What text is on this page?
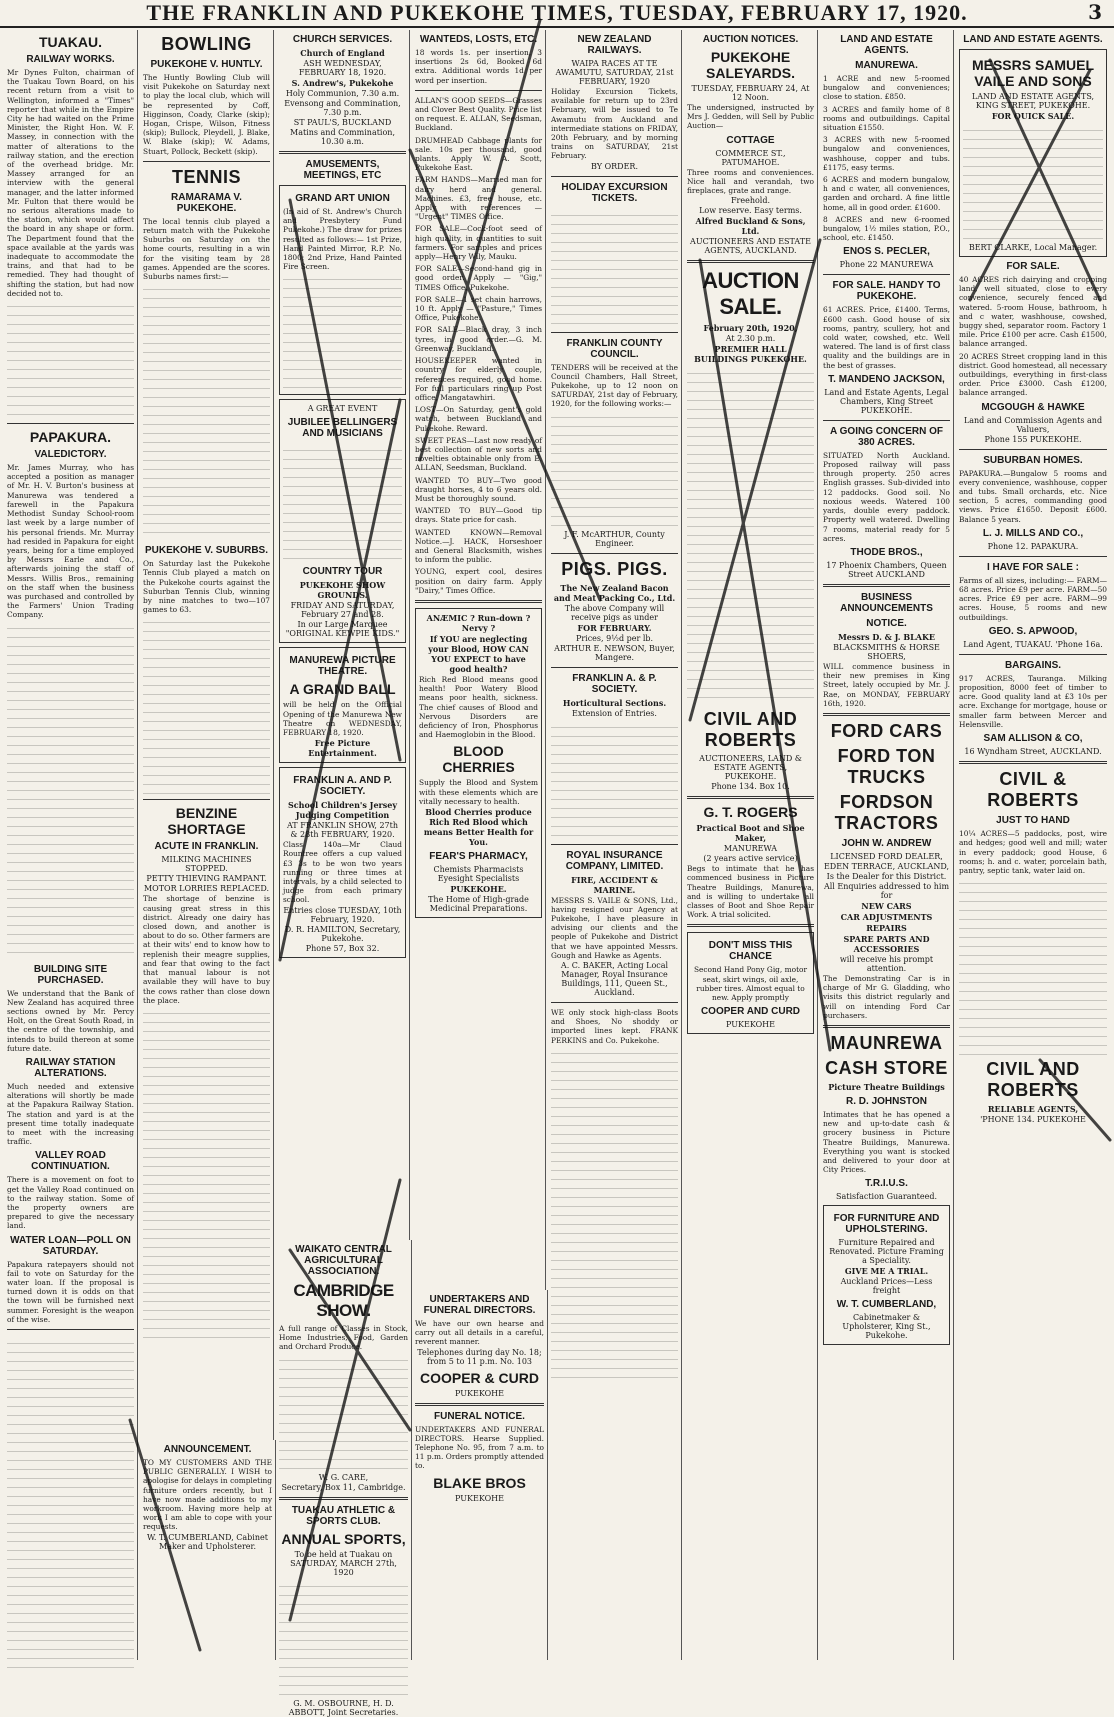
THE FRANKLIN AND PUKEKOHE TIMES, TUESDAY, FEBRUARY 17, 1920.	3
TUAKAU.
RAILWAY WORKS.
Mr Dynes Fulton, chairman of the Tuakau Town Board, on his recent return from a visit to Wellington, informed a "Times" reporter that while in the Empire City he had waited on the Prime Minister, the Right Hon. W. F. Massey, in connection with the matter of alterations to the railway station, and the erection of the overhead bridge. Mr. Massey arranged for an interview with the general manager, and the latter informed Mr. Fulton that there would be no serious alterations made to the station, which would affect the board in any shape or form. The Department found that the space available at the yards was inadequate to accommodate the trains, and that had to be remedied. They had thought of shifting the station, but had now decided not to.
PAPAKURA.
VALEDICTORY.
Mr. James Murray, who has accepted a position as manager of Mr. H. V. Burton's business at Manurewa was tendered a farewell in the Papakura Methodist Sunday School-room last week by a large number of his personal friends. Mr. Murray had resided in Papakura for eight years, being for a time employed by Messrs Earle and Co., afterwards joining the staff of Messrs. Willis Bros., remaining on the staff when the business was purchased and controlled by the Farmers' Union Trading Company.
BUILDING SITE PURCHASED.
We understand that the Bank of New Zealand has acquired three sections owned by Mr. Percy Holt, on the Great South Road, in the centre of the township, and intends to build thereon at some future date.
RAILWAY STATION ALTERATIONS.
Much needed and extensive alterations will shortly be made at the Papakura Railway Station. The station and yard is at the present time totally inadequate to meet with the increasing traffic.
VALLEY ROAD CONTINUATION.
There is a movement on foot to get the Valley Road continued on to the railway station. Some of the property owners are prepared to give the necessary land.
WATER LOAN—POLL ON SATURDAY.
Papakura ratepayers should not fail to vote on Saturday for the water loan. If the proposal is turned down it is odds on that the town will be furnished next summer. Foresight is the weapon of the wise.
BOWLING
PUKEKOHE V. HUNTLY.
The Huntly Bowling Club will visit Pukekohe on Saturday next to play the local club, which will be represented by Coff, Higginson, Coady, Clarke (skip); Hogan, Crispe, Wilson, Fitness (skip); Bullock, Pleydell, J. Blake, W. Blake (skip); W. Adams, Stuart, Pollock, Beckett (skip).
TENNIS
RAMARAMA V. PUKEKOHE.
The local tennis club played a return match with the Pukekohe Suburbs on Saturday on the home courts, resulting in a win for the visiting team by 28 games. Appended are the scores. Suburbs names first:—
PUKEKOHE V. SUBURBS.
On Saturday last the Pukekohe Tennis Club played a match on the Pukekohe courts against the Suburban Tennis Club, winning by nine matches to two—107 games to 63.
BENZINE SHORTAGE
ACUTE IN FRANKLIN.
MILKING MACHINES STOPPED.
PETTY THIEVING RAMPANT.
MOTOR LORRIES REPLACED.
The shortage of benzine is causing great stress in this district. Already one dairy has closed down, and another is about to do so. Other farmers are at their wits' end to know how to replenish their meagre supplies, and fear that owing to the fact that manual labour is not available they will have to buy the cows rather than close down the place.
CHURCH SERVICES.
Church of England
ASH WEDNESDAY, FEBRUARY 18, 1920.
S. Andrew's, Pukekohe
Holy Communion, 7.30 a.m.
Evensong and Commination, 7.30 p.m.
ST PAUL'S, BUCKLAND
Matins and Commination, 10.30 a.m.
AMUSEMENTS, MEETINGS, ETC
GRAND ART UNION
(In aid of St. Andrew's Church and Presbytery Fund Pukekohe.) The draw for prizes resulted as follows:— 1st Prize, Hand Painted Mirror, R.P. No. 1800; 2nd Prize, Hand Painted Fire Screen.
A GREAT EVENT
JUBILEE BELLINGERS AND MUSICIANS
COUNTRY TOUR
PUKEKOHE SHOW GROUNDS.
FRIDAY AND SATURDAY, February 27 and 28.
In our Large Marquee "ORIGINAL KEWPIE KIDS."
MANUREWA PICTURE THEATRE.
A GRAND BALL
will be held on the Official Opening of the Manurewa New Theatre on WEDNESDAY, FEBRUARY 18, 1920.
Free Picture Entertainment.
FRANKLIN A. AND P. SOCIETY.
School Children's Jersey Judging Competition
AT FRANKLIN SHOW, 27th & 28th FEBRUARY, 1920.
Class 140a—Mr Claud Rountree offers a cup valued £3 3s to be won two years running or three times at intervals, by a child selected to judge from each primary school.
Entries close TUESDAY, 10th February, 1920.
D. R. HAMILTON, Secretary, Pukekohe.
Phone 57, Box 32.
WANTEDS, LOSTS, ETC.
18 words 1s. per insertion, 3 insertions 2s 6d, Booked 6d extra. Additional words 1d per word per insertion.
ALLAN'S GOOD SEEDS—Grasses and Clover Best Quality. Price list on request. E. ALLAN, Seedsman, Buckland.
DRUMHEAD Cabbage plants for sale. 10s per thousand, good plants. Apply W. A. Scott, Pukekohe East.
FARM HANDS—Married man for dairy herd and general. Machines. £3, free house, etc. Apply with references — "Urgent" TIMES Office.
FOR SALE—Cock-foot seed of high quality, in quantities to suit farmers. For samples and prices apply—Henry Wily, Mauku.
FOR SALE—Second-hand gig in good order. Apply — "Gig," TIMES Office, Pukekohe.
FOR SALE—1 set chain harrows, 10 ft. Apply — "Pasture," Times Office, Pukekohe.
FOR SALE—Black dray, 3 inch tyres, in good order.—G. M. Greenway, Buckland.
HOUSEKEEPER wanted in country for elderly couple, references required, good home. For full particulars ring up Post office, Mangatawhiri.
LOST—On Saturday, gent's gold watch, between Buckland and Pukekohe. Reward.
SWEET PEAS—Last now ready of best collection of new sorts and novelties obtainable only from E. ALLAN, Seedsman, Buckland.
WANTED TO BUY—Two good draught horses, 4 to 6 years old. Must be thoroughly sound.
WANTED TO BUY—Good tip drays. State price for cash.
WANTED KNOWN—Removal Notice.—J. HACK, Horseshoer and General Blacksmith, wishes to inform the public.
YOUNG, expert cool, desires position on dairy farm. Apply "Dairy," Times Office.
ANÆMIC ? Run-down ? Nervy ?
If YOU are neglecting your Blood, HOW CAN YOU EXPECT to have good health?
Rich Red Blood means good health! Poor Watery Blood means poor health, sickness. The chief causes of Blood and Nervous Disorders are deficiency of Iron, Phosphorus and Haemoglobin in the Blood.
BLOOD CHERRIES
Supply the Blood and System with these elements which are vitally necessary to health.
Blood Cherries produce Rich Red Blood which means Better Health for You.
FEAR'S PHARMACY,
Chemists Pharmacists Eyesight Specialists
PUKEKOHE.
The Home of High-grade Medicinal Preparations.
NEW ZEALAND RAILWAYS.
WAIPA RACES AT TE AWAMUTU, SATURDAY, 21st FEBRUARY, 1920
Holiday Excursion Tickets, available for return up to 23rd February, will be issued to Te Awamutu from Auckland and intermediate stations on FRIDAY, 20th February, and by morning trains on SATURDAY, 21st February.
BY ORDER.
HOLIDAY EXCURSION TICKETS.
FRANKLIN COUNTY COUNCIL.
TENDERS will be received at the Council Chambers, Hall Street, Pukekohe, up to 12 noon on SATURDAY, 21st day of February, 1920, for the following works:—
J. F. McARTHUR, County Engineer.
PIGS. PIGS.
The New Zealand Bacon and Meat Packing Co., Ltd.
The above Company will receive pigs as under
FOR FEBRUARY.
Prices, 9½d per lb.
ARTHUR E. NEWSON, Buyer, Mangere.
FRANKLIN A. & P. SOCIETY.
Horticultural Sections.
Extension of Entries.
ROYAL INSURANCE COMPANY, LIMITED.
FIRE, ACCIDENT & MARINE.
MESSRS S. VAILE & SONS, Ltd., having resigned our Agency at Pukekohe, I have pleasure in advising our clients and the people of Pukekohe and District that we have appointed Messrs. Gough and Hawke as Agents.
A. C. BAKER, Acting Local Manager, Royal Insurance Buildings, 111, Queen St., Auckland.
WE only stock high-class Boots and Shoes, No shoddy or imported lines kept. FRANK PERKINS and Co. Pukekohe.
AUCTION NOTICES.
PUKEKOHE SALEYARDS.
TUESDAY, FEBRUARY 24, At 12 Noon.
The undersigned, instructed by Mrs J. Gedden, will Sell by Public Auction—
COTTAGE
COMMERCE ST., PATUMAHOE.
Three rooms and conveniences. Nice hall and verandah, two fireplaces, grate and range.
Freehold.
Low reserve. Easy terms.
Alfred Buckland & Sons, Ltd.
AUCTIONEERS AND ESTATE AGENTS, AUCKLAND.
AUCTION SALE.
February 20th, 1920,
At 2.30 p.m.
PREMIER HALL BUILDINGS PUKEKOHE.
CIVIL AND ROBERTS
AUCTIONEERS, LAND & ESTATE AGENTS, PUKEKOHE.
Phone 134. Box 10.
G. T. ROGERS
Practical Boot and Shoe Maker,
MANUREWA
(2 years active service)
Begs to intimate that he has commenced business in Picture Theatre Buildings, Manurewa, and is willing to undertake all classes of Boot and Shoe Repair Work. A trial solicited.
DON'T MISS THIS CHANCE
Second Hand Pony Gig, motor seat, skirt wings, oil axle, rubber tires. Almost equal to new. Apply promptly
COOPER AND CURD
PUKEKOHE
LAND AND ESTATE AGENTS.
MANUREWA.
1 ACRE and new 5-roomed bungalow and conveniences; close to station. £850.
3 ACRES and family home of 8 rooms and outbuildings. Capital situation £1550.
3 ACRES with new 5-roomed bungalow and conveniences, washhouse, copper and tubs. £1175, easy terms.
6 ACRES and modern bungalow, h and c water, all conveniences, garden and orchard. A fine little home, all in good order. £1600.
8 ACRES and new 6-roomed bungalow, 1½ miles station, P.O., school, etc. £1450.
ENOS S. PECLER,
Phone 22 MANUREWA
FOR SALE. HANDY TO PUKEKOHE.
61 ACRES. Price, £1400. Terms, £600 cash. Good house of six rooms, pantry, scullery, hot and cold water, cowshed, etc. Well watered. The land is of first class quality and the buildings are in the best of grasses.
T. MANDENO JACKSON,
Land and Estate Agents, Legal Chambers, King Street PUKEKOHE.
A GOING CONCERN OF 380 ACRES.
SITUATED North Auckland. Proposed railway will pass through property. 250 acres English grasses. Sub-divided into 12 paddocks. Good soil. No noxious weeds. Watered 100 yards, double every paddock. Property well watered. Dwelling 7 rooms, material ready for 5 acres.
THODE BROS.,
17 Phoenix Chambers, Queen Street AUCKLAND
BUSINESS ANNOUNCEMENTS
NOTICE.
Messrs D. & J. BLAKE
BLACKSMITHS & HORSE SHOERS,
WILL commence business in their new premises in King Street, lately occupied by Mr. J. Rae, on MONDAY, FEBRUARY 16th, 1920.
FORD CARS
FORD TON TRUCKS
FORDSON TRACTORS
JOHN W. ANDREW
LICENSED FORD DEALER,
EDEN TERRACE, AUCKLAND,
Is the Dealer for this District.
All Enquiries addressed to him for
NEW CARS
CAR ADJUSTMENTS
REPAIRS
SPARE PARTS AND ACCESSORIES
will receive his prompt attention.
The Demonstrating Car is in charge of Mr G. Gladding, who visits this district regularly and will on intending Ford Car purchasers.
MAUNREWA
CASH STORE
Picture Theatre Buildings
R. D. JOHNSTON
Intimates that he has opened a new and up-to-date cash & grocery business in Picture Theatre Buildings, Manurewa. Everything you want is stocked and delivered to your door at City Prices.
T.R.I.U.S.
Satisfaction Guaranteed.
FOR FURNITURE AND UPHOLSTERING.
Furniture Repaired and Renovated. Picture Framing a Speciality.
GIVE ME A TRIAL.
Auckland Prices—Less freight
W. T. CUMBERLAND,
Cabinetmaker & Upholsterer, King St., Pukekohe.
LAND AND ESTATE AGENTS.
MESSRS SAMUEL VAILE AND SONS
LAND AND ESTATE AGENTS, KING STREET, PUKEKOHE.
FOR QUICK SALE.
BERT CLARKE, Local Manager.
FOR SALE.
40 ACRES rich dairying and cropping land, well situated, close to every convenience, securely fenced and watered. 5-room House, bathroom, h and c water, washhouse, cowshed, buggy shed, separator room. Factory 1 mile. Price £100 per acre. Cash £1500, balance arranged.
20 ACRES Street cropping land in this district. Good homestead, all necessary outbuildings, everything in first-class order. Price £3000. Cash £1200, balance arranged.
MCGOUGH & HAWKE
Land and Commission Agents and Valuers,
Phone 155 PUKEKOHE.
SUBURBAN HOMES.
PAPAKURA.—Bungalow 5 rooms and every convenience, washhouse, copper and tubs. Small orchards, etc. Nice section, 5 acres, commanding good views. Price £1650. Deposit £600. Balance 5 years.
L. J. MILLS AND CO.,
Phone 12. PAPAKURA.
I HAVE FOR SALE :
Farms of all sizes, including:— FARM—68 acres. Price £9 per acre. FARM—50 acres. Price £9 per acre. FARM—99 acres. House, 5 rooms and new outbuildings.
GEO. S. APWOOD,
Land Agent, TUAKAU. 'Phone 16a.
BARGAINS.
917 ACRES, Tauranga. Milking proposition, 8000 feet of timber to acre. Good quality land at £3 10s per acre. Exchange for mortgage, house or smaller farm between Mercer and Helensville.
SAM ALLISON & CO,
16 Wyndham Street, AUCKLAND.
CIVIL & ROBERTS
JUST TO HAND
10¼ ACRES—5 paddocks, post, wire and hedges; good well and mill; water in every paddock; good House, 6 rooms; h. and c. water, porcelain bath, pantry, septic tank, water laid on.
CIVIL AND ROBERTS
RELIABLE AGENTS,
'PHONE 134. PUKEKOHE
ANNOUNCEMENT.
TO MY CUSTOMERS AND THE PUBLIC GENERALLY. I WISH to apologise for delays in completing furniture orders recently, but I have now made additions to my workroom. Having more help at work I am able to cope with your requests.
W. T. CUMBERLAND, Cabinet Maker and Upholsterer.
WAIKATO CENTRAL AGRICULTURAL ASSOCIATION.
CAMBRIDGE SHOW.
A full range of Classes in Stock, Home Industries, Food, Garden and Orchard Produce.
W. G. CARE,
Secretary, Box 11, Cambridge.
TUAKAU ATHLETIC & SPORTS CLUB.
ANNUAL SPORTS,
To be held at Tuakau on SATURDAY, MARCH 27th, 1920
G. M. OSBOURNE, H. D. ABBOTT, Joint Secretaries.
UNDERTAKERS AND FUNERAL DIRECTORS.
We have our own hearse and carry out all details in a careful, reverent manner.
Telephones during day No. 18; from 5 to 11 p.m. No. 103
COOPER & CURD
PUKEKOHE
FUNERAL NOTICE.
UNDERTAKERS AND FUNERAL DIRECTORS. Hearse Supplied. Telephone No. 95, from 7 a.m. to 11 p.m. Orders promptly attended to.
BLAKE BROS
PUKEKOHE
